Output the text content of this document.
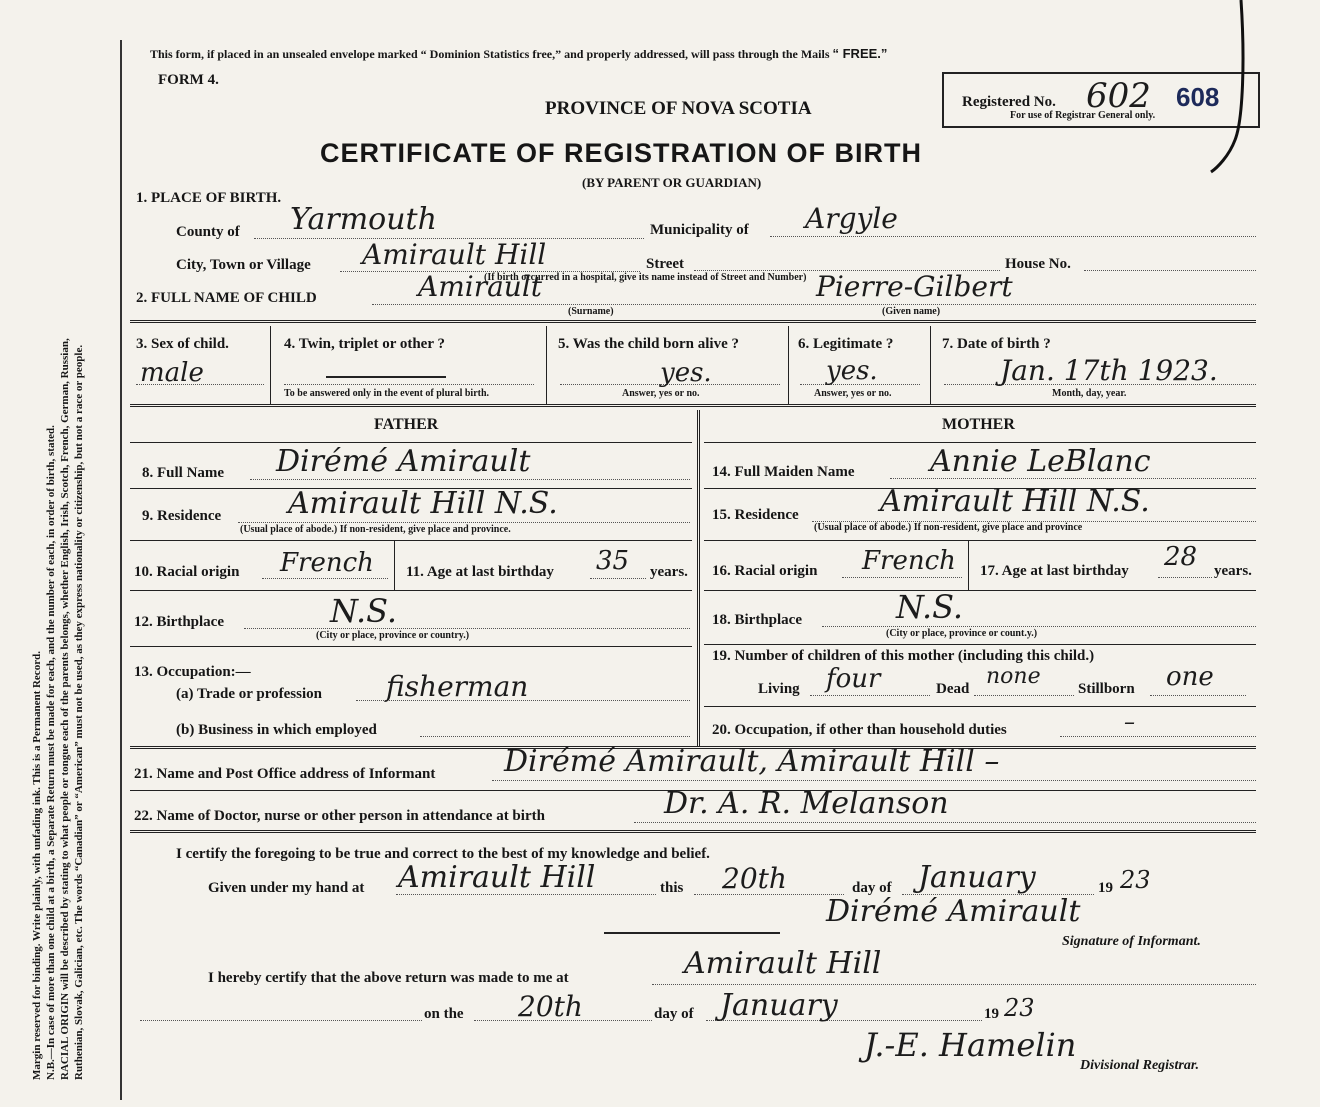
Margin reserved for binding. Write plainly, with unfading ink. This is a Permanent Record. N.B.—In case of more than one child at a birth, a Separate Return must be made for each, and the number of each, in order of birth, stated. RACIAL ORIGIN will be described by stating to what people or tongue each of the parents belongs, whether English, Irish, Scotch, French, German, Russian, Ruthenian, Slovak, Galician, etc. The words “Canadian” or “American” must not be used, as they express nationality or citizenship, but not a race or people.

This form, if placed in an unsealed envelope marked “ Dominion Statistics free,” and properly addressed, will pass through the Mails “ FREE.”
FORM 4.
PROVINCE OF NOVA SCOTIA
CERTIFICATE OF REGISTRATION OF BIRTH
(BY PARENT OR GUARDIAN)
Registered No. 602 608
For use of Registrar General only.
1. PLACE OF BIRTH.
County of Yarmouth	Municipality of Argyle
City, Town or Village Amirault Hill	Street	House No.
(If birth occurred in a hospital, give its name instead of Street and Number)
2. FULL NAME OF CHILD	Amirault	Pierre-Gilbert
(Surname)	(Given name)
3. Sex of child.
male
4. Twin, triplet or other ?
To be answered only in the event of plural birth.
5. Was the child born alive ?
yes.
Answer, yes or no.
6. Legitimate ?
yes.
Answer, yes or no.
7. Date of birth ?
Jan. 17th 1923.
Month, day, year.
FATHER	MOTHER
8. Full Name Dirémé Amirault
9. Residence Amirault Hill N.S.
(Usual place of abode.) If non-resident, give place and province.
10. Racial origin French 11. Age at last birthday 35 years.
12. Birthplace	N.S.
(City or place, province or country.)
13. Occupation:—
(a) Trade or profession fisherman
(b) Business in which employed
14. Full Maiden Name	Annie LeBlanc
15. Residence	Amirault Hill N.S.
(Usual place of abode.) If non-resident, give place and province
16. Racial origin French 17. Age at last birthday 28 years.
18. Birthplace	N.S.
(City or place, province or count.y.)
19. Number of children of this mother (including this child.)
Living four	Dead none Stillborn one
20. Occupation, if other than household duties	–
21. Name and Post Office address of Informant Dirémé Amirault, Amirault Hill –
22. Name of Doctor, nurse or other person in attendance at birth	Dr. A. R. Melanson
I certify the foregoing to be true and correct to the best of my knowledge and belief.
Given under my hand at Amirault Hill	this 20th	day of January	19 23
Dirémé Amirault
Signature of Informant.
I hereby certify that the above return was made to me at	Amirault Hill
on the 20th	day of January	19 23
J.-E. Hamelin
Divisional Registrar.
